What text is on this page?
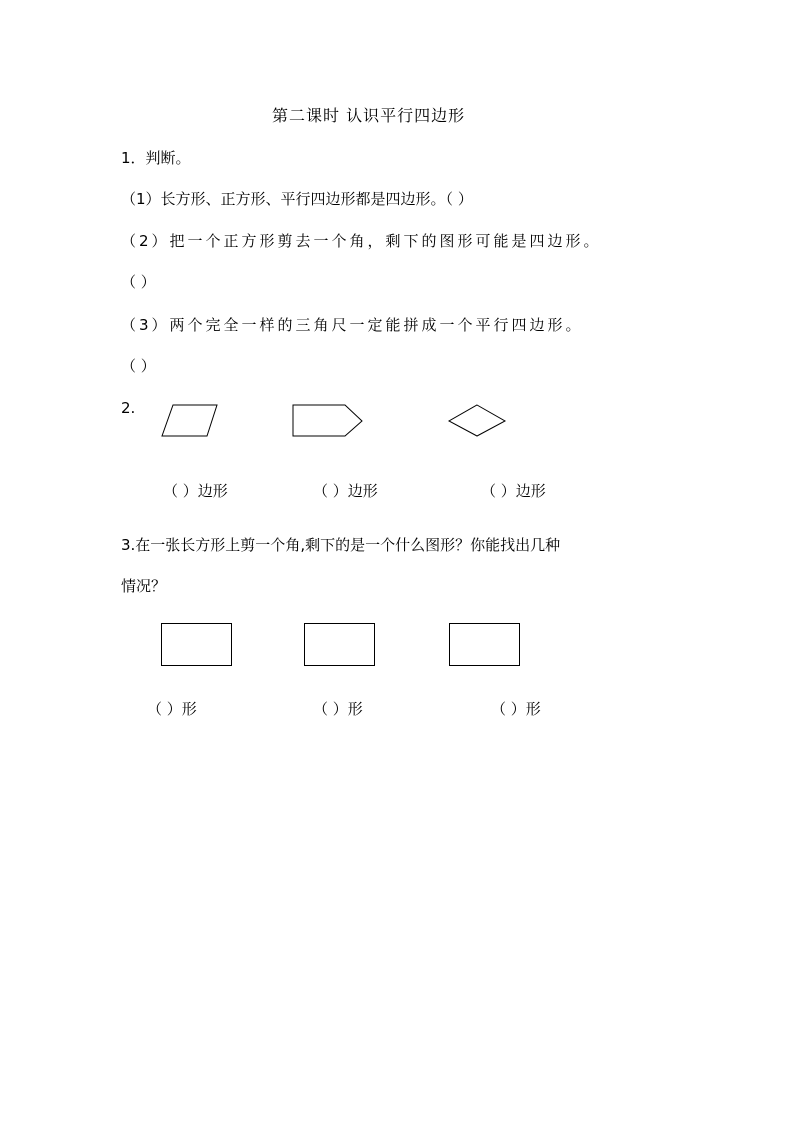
第二课时 认识平行四边形
1．判断。
（1）长方形、正方形、平行四边形都是四边形。（ ）
（2）把一个正方形剪去一个角，剩下的图形可能是四边形。
（ ）
（3）两个完全一样的三角尺一定能拼成一个平行四边形。
（ ）
2.
（ ）边形	（ ）边形	（ ）边形
3.在一张长方形上剪一个角,剩下的是一个什么图形？你能找出几种
情况？
（ ）形	（ ）形	（ ）形
